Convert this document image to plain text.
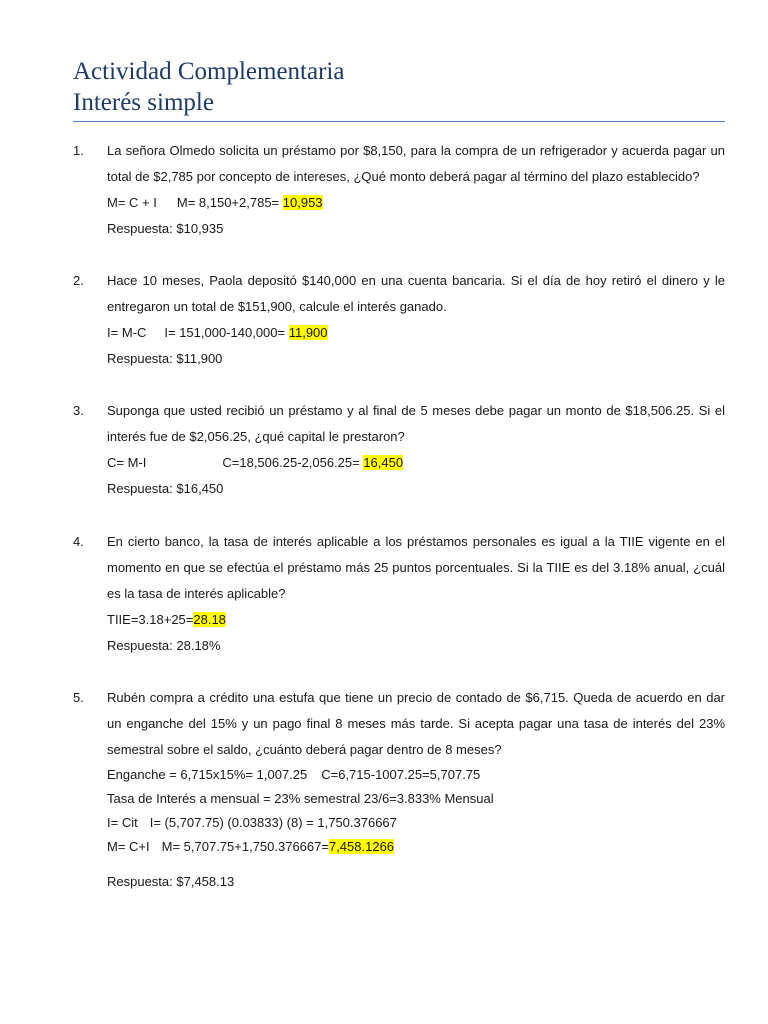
Actividad Complementaria
Interés simple
1. La señora Olmedo solicita un préstamo por $8,150, para la compra de un refrigerador y acuerda pagar un total de $2,785 por concepto de intereses, ¿Qué monto deberá pagar al término del plazo establecido?
M= C + I M= 8,150+2,785= 10,953
Respuesta: $10,935
2. Hace 10 meses, Paola depositó $140,000 en una cuenta bancaria. Si el día de hoy retiró el dinero y le entregaron un total de $151,900, calcule el interés ganado.
I= M-C I= 151,000-140,000= 11,900
Respuesta: $11,900
3. Suponga que usted recibió un préstamo y al final de 5 meses debe pagar un monto de $18,506.25. Si el interés fue de $2,056.25, ¿qué capital le prestaron?
C= M-I	C=18,506.25-2,056.25= 16,450
Respuesta: $16,450
4. En cierto banco, la tasa de interés aplicable a los préstamos personales es igual a la TIIE vigente en el momento en que se efectúa el préstamo más 25 puntos porcentuales. Si la TIIE es del 3.18% anual, ¿cuál es la tasa de interés aplicable?
TIIE=3.18+25=28.18
Respuesta: 28.18%
5. Rubén compra a crédito una estufa que tiene un precio de contado de $6,715. Queda de acuerdo en dar un enganche del 15% y un pago final 8 meses más tarde. Si acepta pagar una tasa de interés del 23% semestral sobre el saldo, ¿cuánto deberá pagar dentro de 8 meses?
Enganche = 6,715x15%= 1,007.25 C=6,715-1007.25=5,707.75
Tasa de Interés a mensual = 23% semestral 23/6=3.833% Mensual
I= Cit I= (5,707.75) (0.03833) (8) = 1,750.376667
M= C+I M= 5,707.75+1,750.376667=7,458.1266
Respuesta: $7,458.13
